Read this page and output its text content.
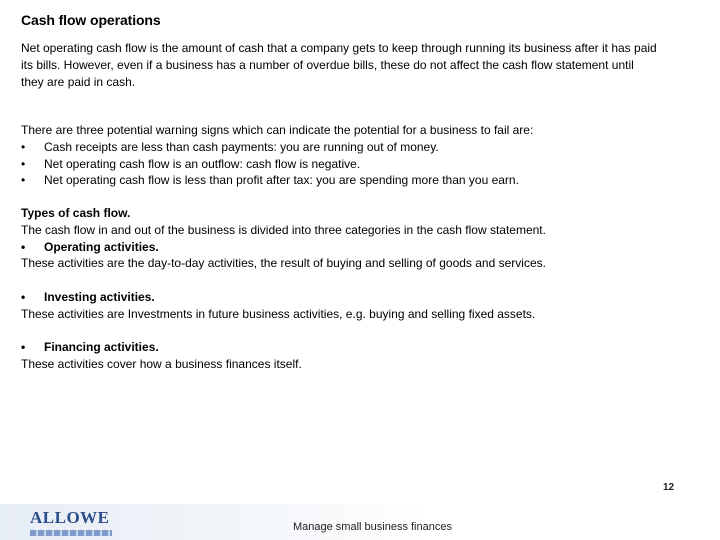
Cash flow operations

Net operating cash flow is the amount of cash that a company gets to keep through running its business after it has paid

its bills. However, even if a business has a number of overdue bills, these do not affect the cash flow statement until

they are paid in cash.

There are three potential warning signs which can indicate the potential for a business to fail are:

• Cash receipts are less than cash payments: you are running out of money.

• Net operating cash flow is an outflow: cash flow is negative.

• Net operating cash flow is less than profit after tax: you are spending more than you earn.

Types of cash flow.

The cash flow in and out of the business is divided into three categories in the cash flow statement.

• Operating activities.

These activities are the day-to-day activities, the result of buying and selling of goods and services.

• Investing activities.

These activities are Investments in future business activities, e.g. buying and selling fixed assets.

• Financing activities.

These activities cover how a business finances itself.

ALLOWE	Manage small business finances
12
